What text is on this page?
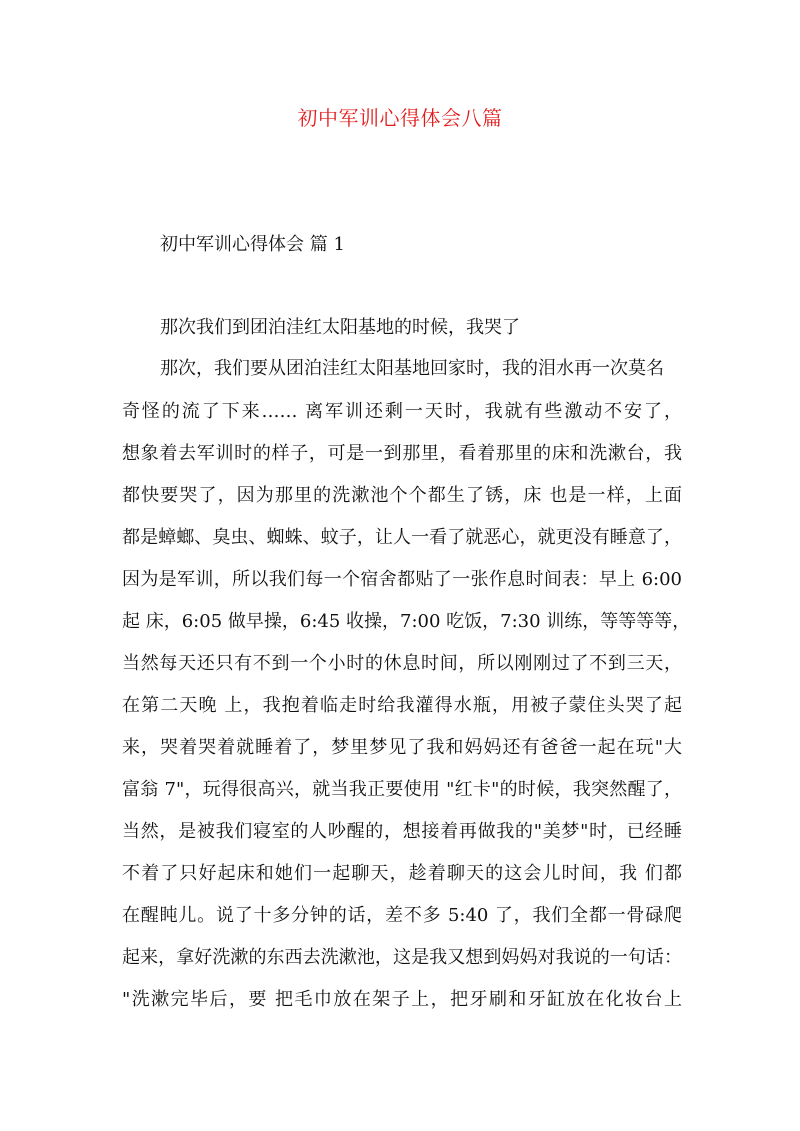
初中军训心得体会八篇
初中军训心得体会 篇 1
那次我们到团泊洼红太阳基地的时候，我哭了
那次，我们要从团泊洼红太阳基地回家时，我的泪水再一次莫名
奇怪的流了下来…… 离军训还剩一天时，我就有些激动不安了，
想象着去军训时的样子，可是一到那里，看着那里的床和洗漱台，我
都快要哭了，因为那里的洗漱池个个都生了锈，床 也是一样，上面
都是蟑螂、臭虫、蜘蛛、蚊子，让人一看了就恶心，就更没有睡意了，
因为是军训，所以我们每一个宿舍都贴了一张作息时间表：早上 6:00
起 床，6:05 做早操，6:45 收操，7:00 吃饭，7:30 训练，等等等等，
当然每天还只有不到一个小时的休息时间，所以刚刚过了不到三天，
在第二天晚 上，我抱着临走时给我灌得水瓶，用被子蒙住头哭了起
来，哭着哭着就睡着了，梦里梦见了我和妈妈还有爸爸一起在玩"大
富翁 7"，玩得很高兴，就当我正要使用 "红卡"的时候，我突然醒了，
当然，是被我们寝室的人吵醒的，想接着再做我的"美梦"时，已经睡
不着了只好起床和她们一起聊天，趁着聊天的这会儿时间，我 们都
在醒盹儿。说了十多分钟的话，差不多 5:40 了，我们全都一骨碌爬
起来，拿好洗漱的东西去洗漱池，这是我又想到妈妈对我说的一句话：
"洗漱完毕后，要 把毛巾放在架子上，把牙刷和牙缸放在化妆台上
